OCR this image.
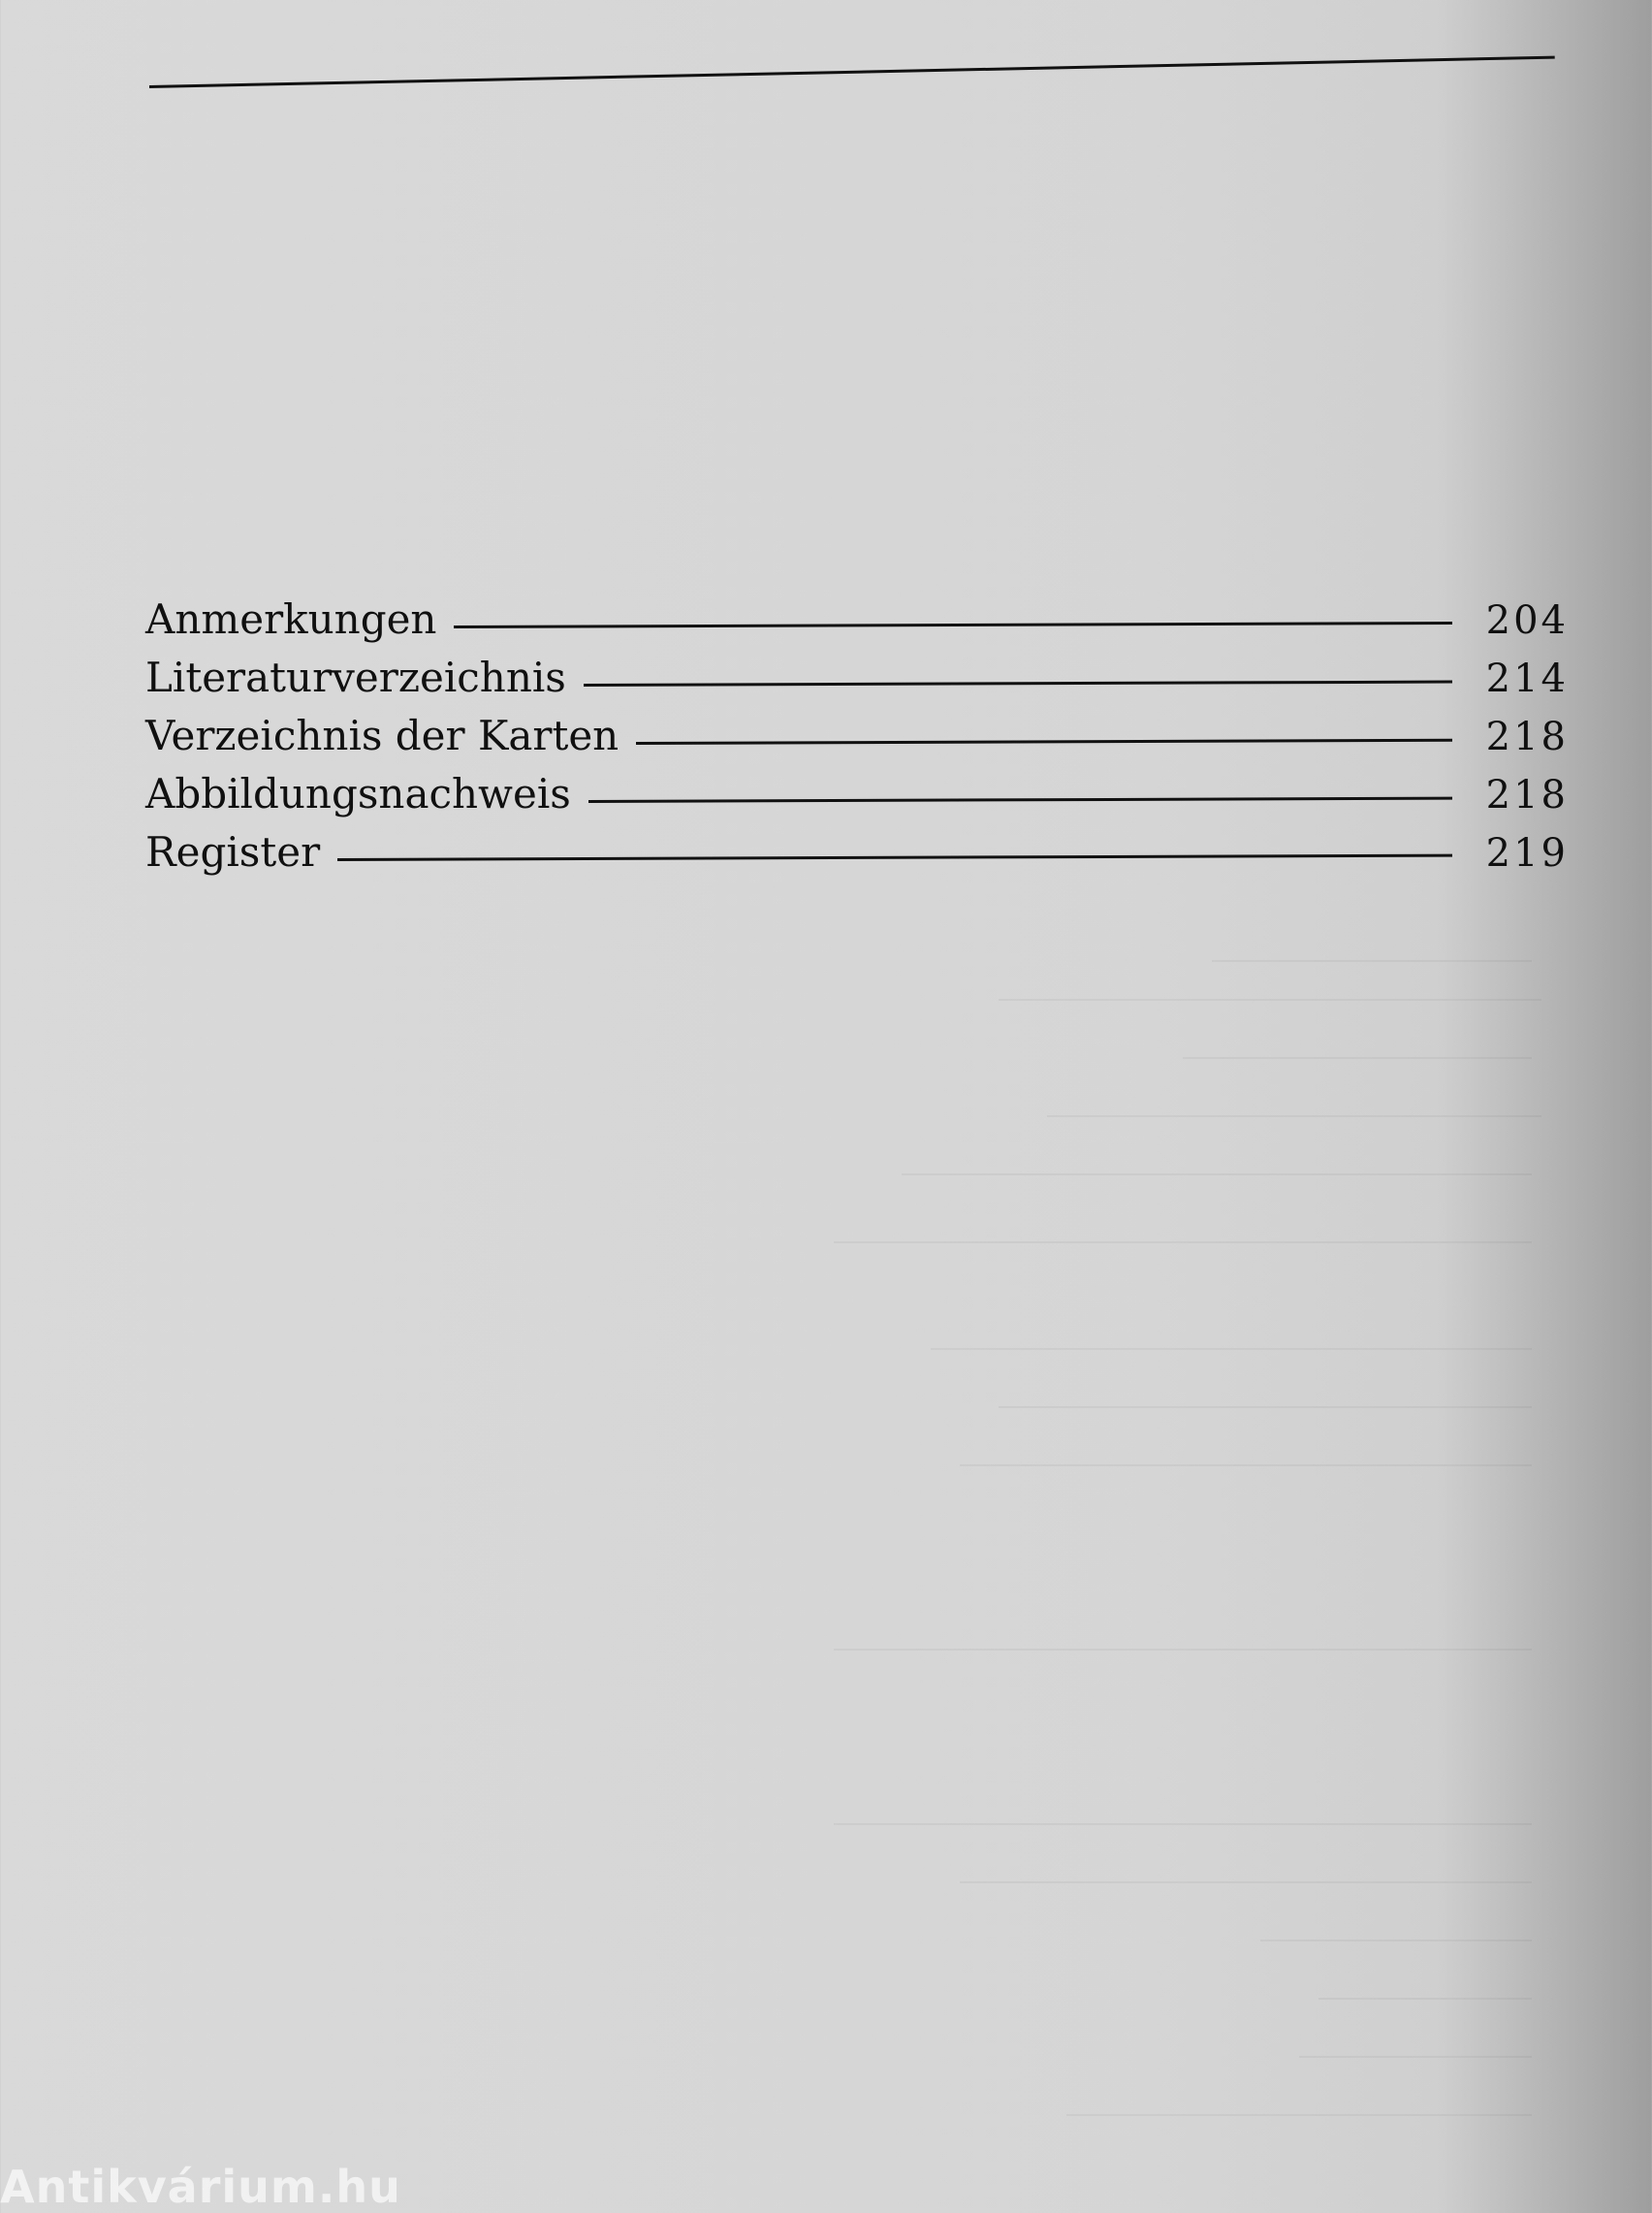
Anmerkungen	204
Literaturverzeichnis	214
Verzeichnis der Karten	218
Abbildungsnachweis	218
Register	219
Antikvárium.hu
